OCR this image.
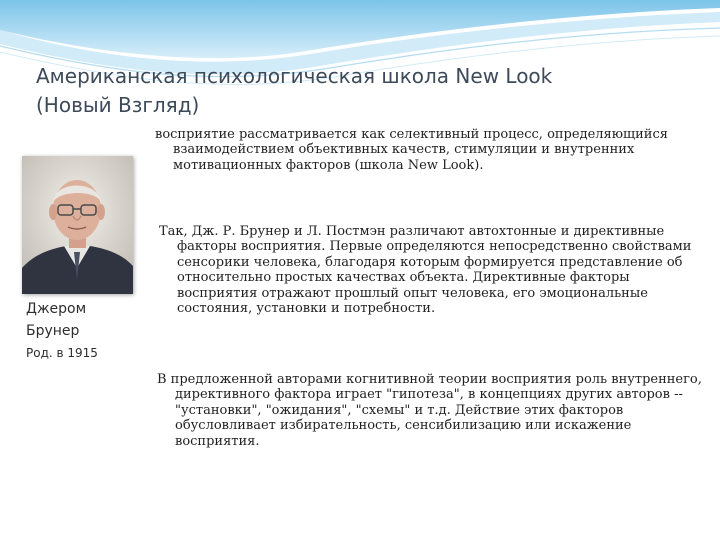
Американская психологическая школа New Look
(Новый Взгляд)
Джером
Брунер
Род. в 1915

восприятие рассматривается как селективный процесс, определяющийся взаимодействием объективных качеств, стимуляции и внутренних мотивационных факторов (школа New Look).

Так, Дж. Р. Брунер и Л. Постмэн различают автохтонные и директивные факторы восприятия. Первые определяются непосредственно свойствами сенсорики человека, благодаря которым формируется представление об относительно простых качествах объекта. Директивные факторы восприятия отражают прошлый опыт человека, его эмоциональные состояния, установки и потребности.

В предложенной авторами когнитивной теории восприятия роль внутреннего, директивного фактора играет "гипотеза", в концепциях других авторов -- "установки", "ожидания", "схемы" и т.д. Действие этих факторов обусловливает избирательность, сенсибилизацию или искажение восприятия.
